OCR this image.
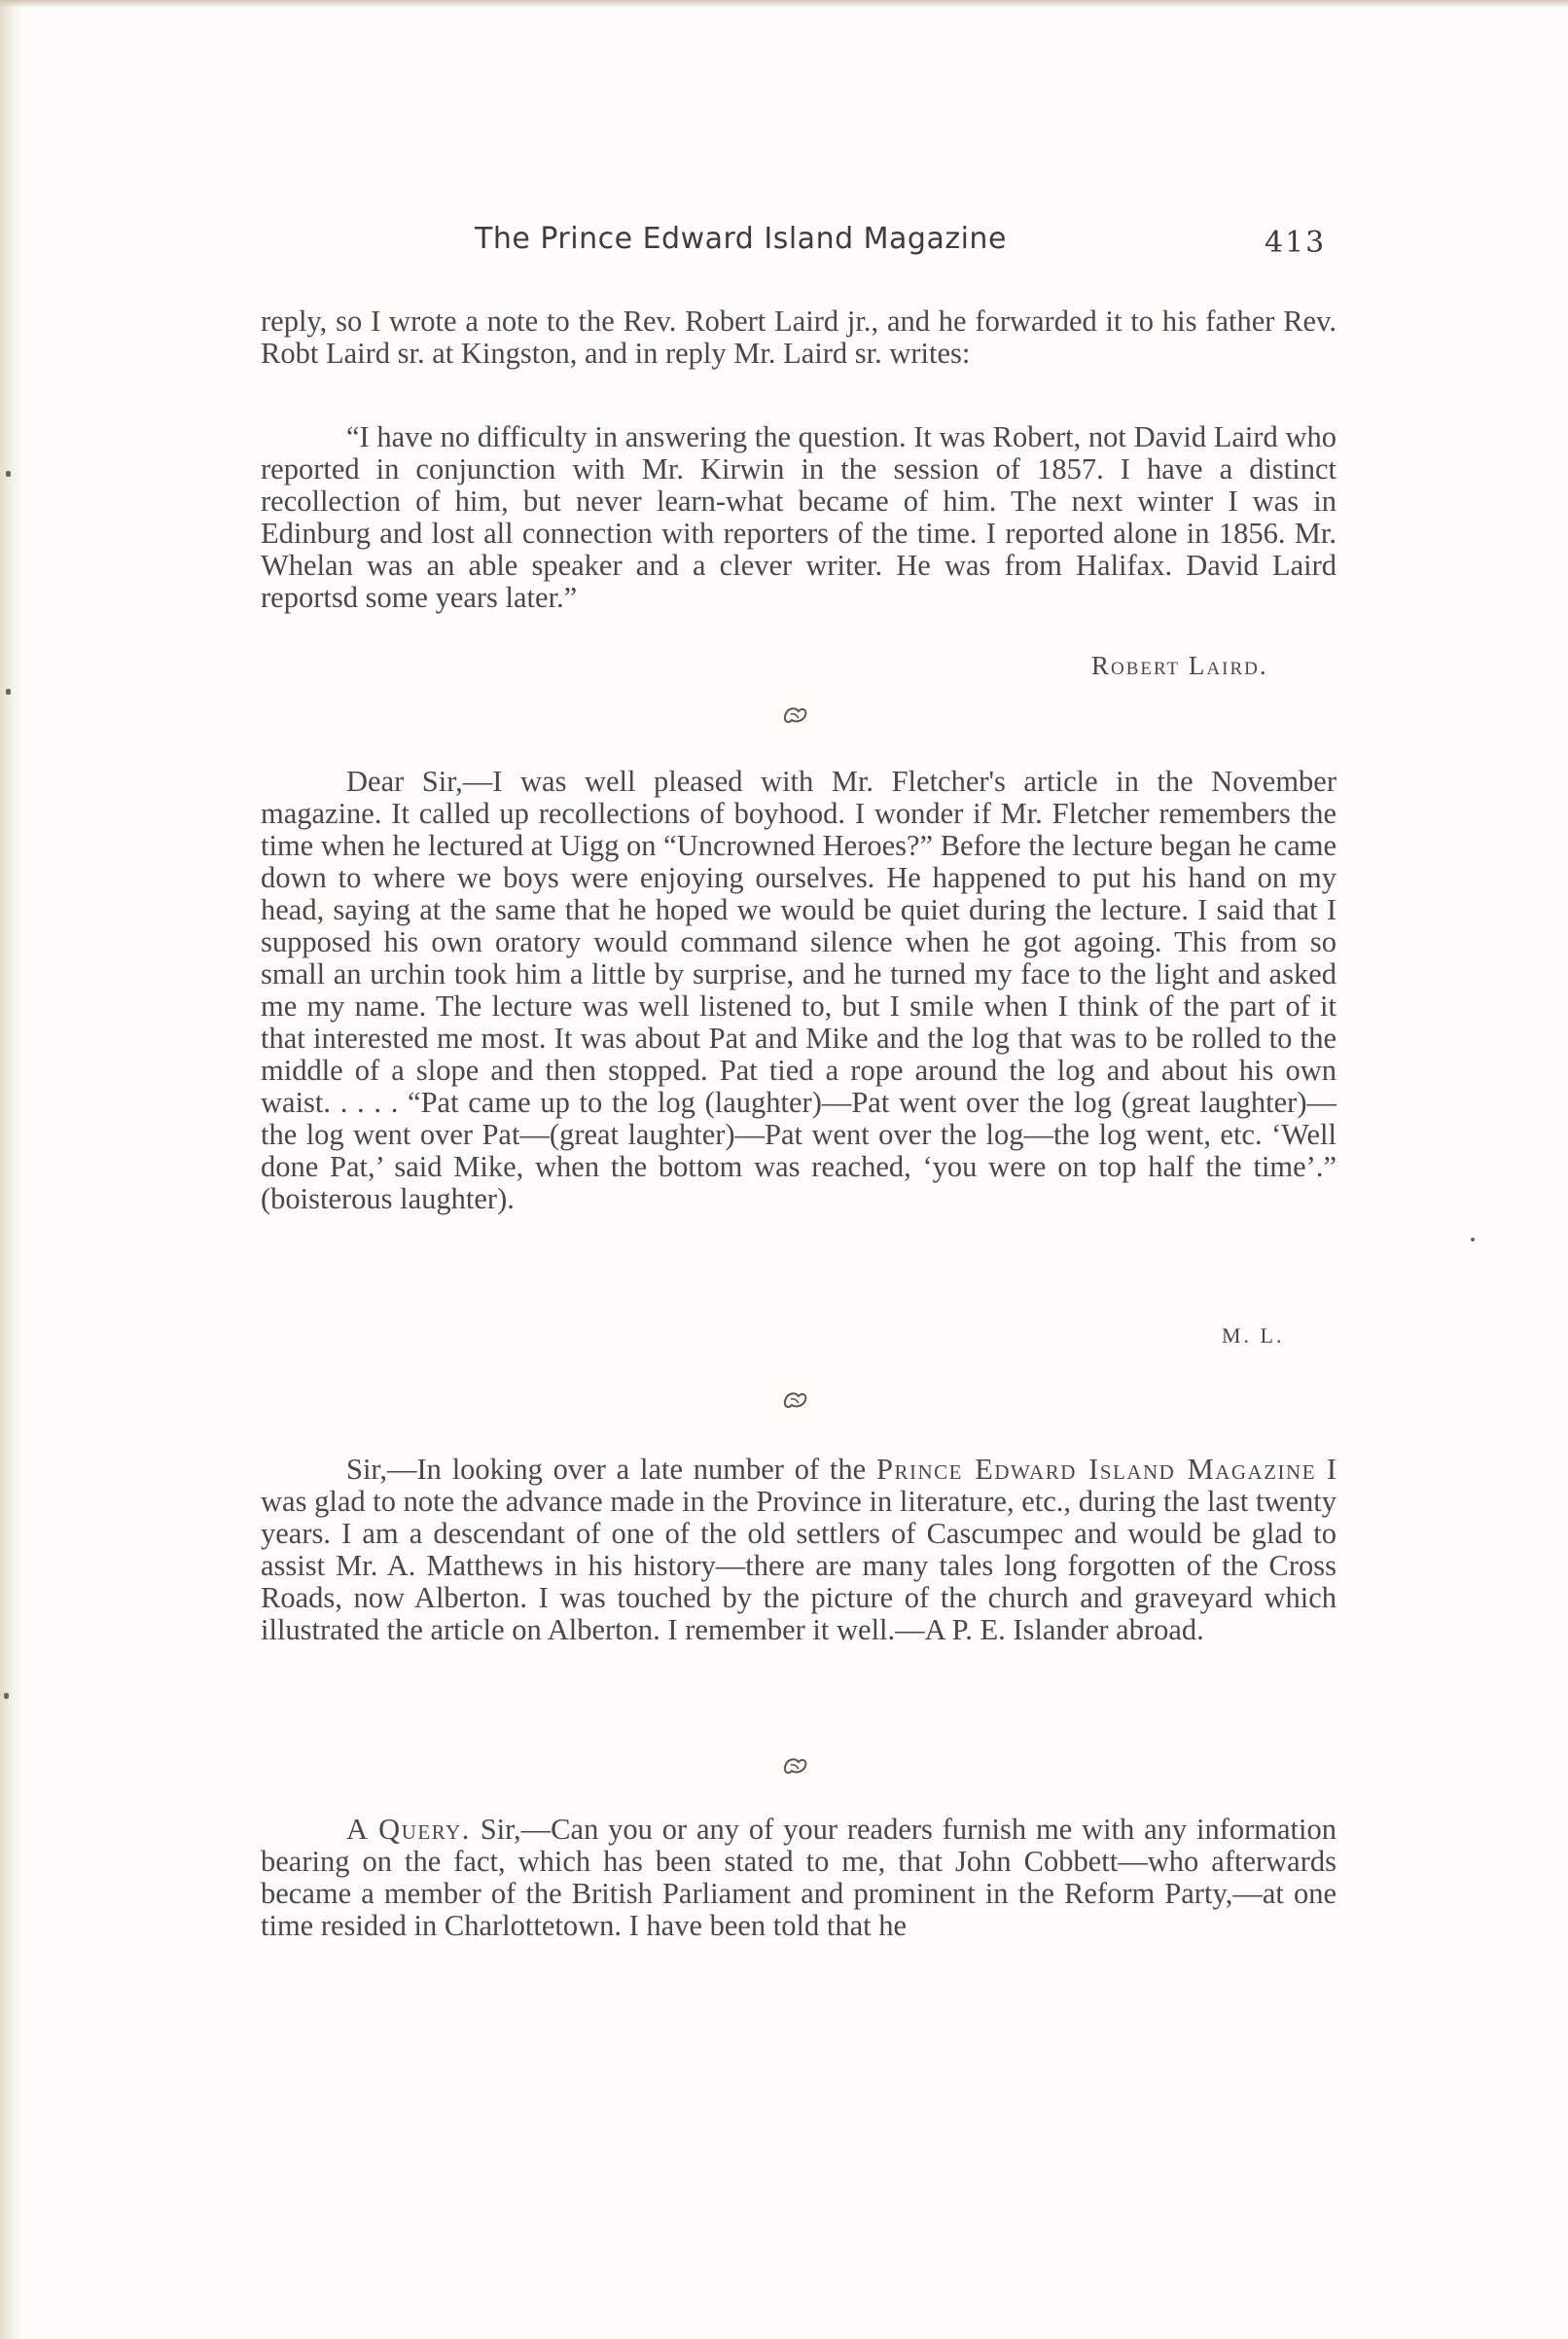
The Prince Edward Island Magazine	413
reply, so I wrote a note to the Rev. Robert Laird jr., and he forwarded it to his father Rev. Robt Laird sr. at Kingston, and in reply Mr. Laird sr. writes:
“I have no difficulty in answering the question. It was Robert, not David Laird who reported in conjunction with Mr. Kirwin in the session of 1857. I have a distinct recollection of him, but never learn-what became of him. The next winter I was in Edinburg and lost all connection with reporters of the time. I reported alone in 1856. Mr. Whelan was an able speaker and a clever writer. He was from Halifax. David Laird reportsd some years later.”
Robert Laird.
Dear Sir,—I was well pleased with Mr. Fletcher's article in the November magazine. It called up recollections of boyhood. I wonder if Mr. Fletcher remembers the time when he lectured at Uigg on “Uncrowned Heroes?” Before the lecture began he came down to where we boys were enjoying ourselves. He happened to put his hand on my head, saying at the same that he hoped we would be quiet during the lecture. I said that I supposed his own oratory would command silence when he got agoing. This from so small an urchin took him a little by surprise, and he turned my face to the light and asked me my name. The lecture was well listened to, but I smile when I think of the part of it that interested me most. It was about Pat and Mike and the log that was to be rolled to the middle of a slope and then stopped. Pat tied a rope around the log and about his own waist. . . . . “Pat came up to the log (laughter)—Pat went over the log (great laughter)—the log went over Pat—(great laughter)—Pat went over the log—the log went, etc. ‘Well done Pat,’ said Mike, when the bottom was reached, ‘you were on top half the time’.” (boisterous laughter).
M. L.
Sir,—In looking over a late number of the Prince Edward Island Magazine I was glad to note the advance made in the Province in literature, etc., during the last twenty years. I am a descendant of one of the old settlers of Cascumpec and would be glad to assist Mr. A. Matthews in his history—there are many tales long forgotten of the Cross Roads, now Alberton. I was touched by the picture of the church and graveyard which illustrated the article on Alberton. I remember it well.—A P. E. Islander abroad.
A Query. Sir,—Can you or any of your readers furnish me with any information bearing on the fact, which has been stated to me, that John Cobbett—who afterwards became a member of the British Parliament and prominent in the Reform Party,—at one time resided in Charlottetown. I have been told that he
